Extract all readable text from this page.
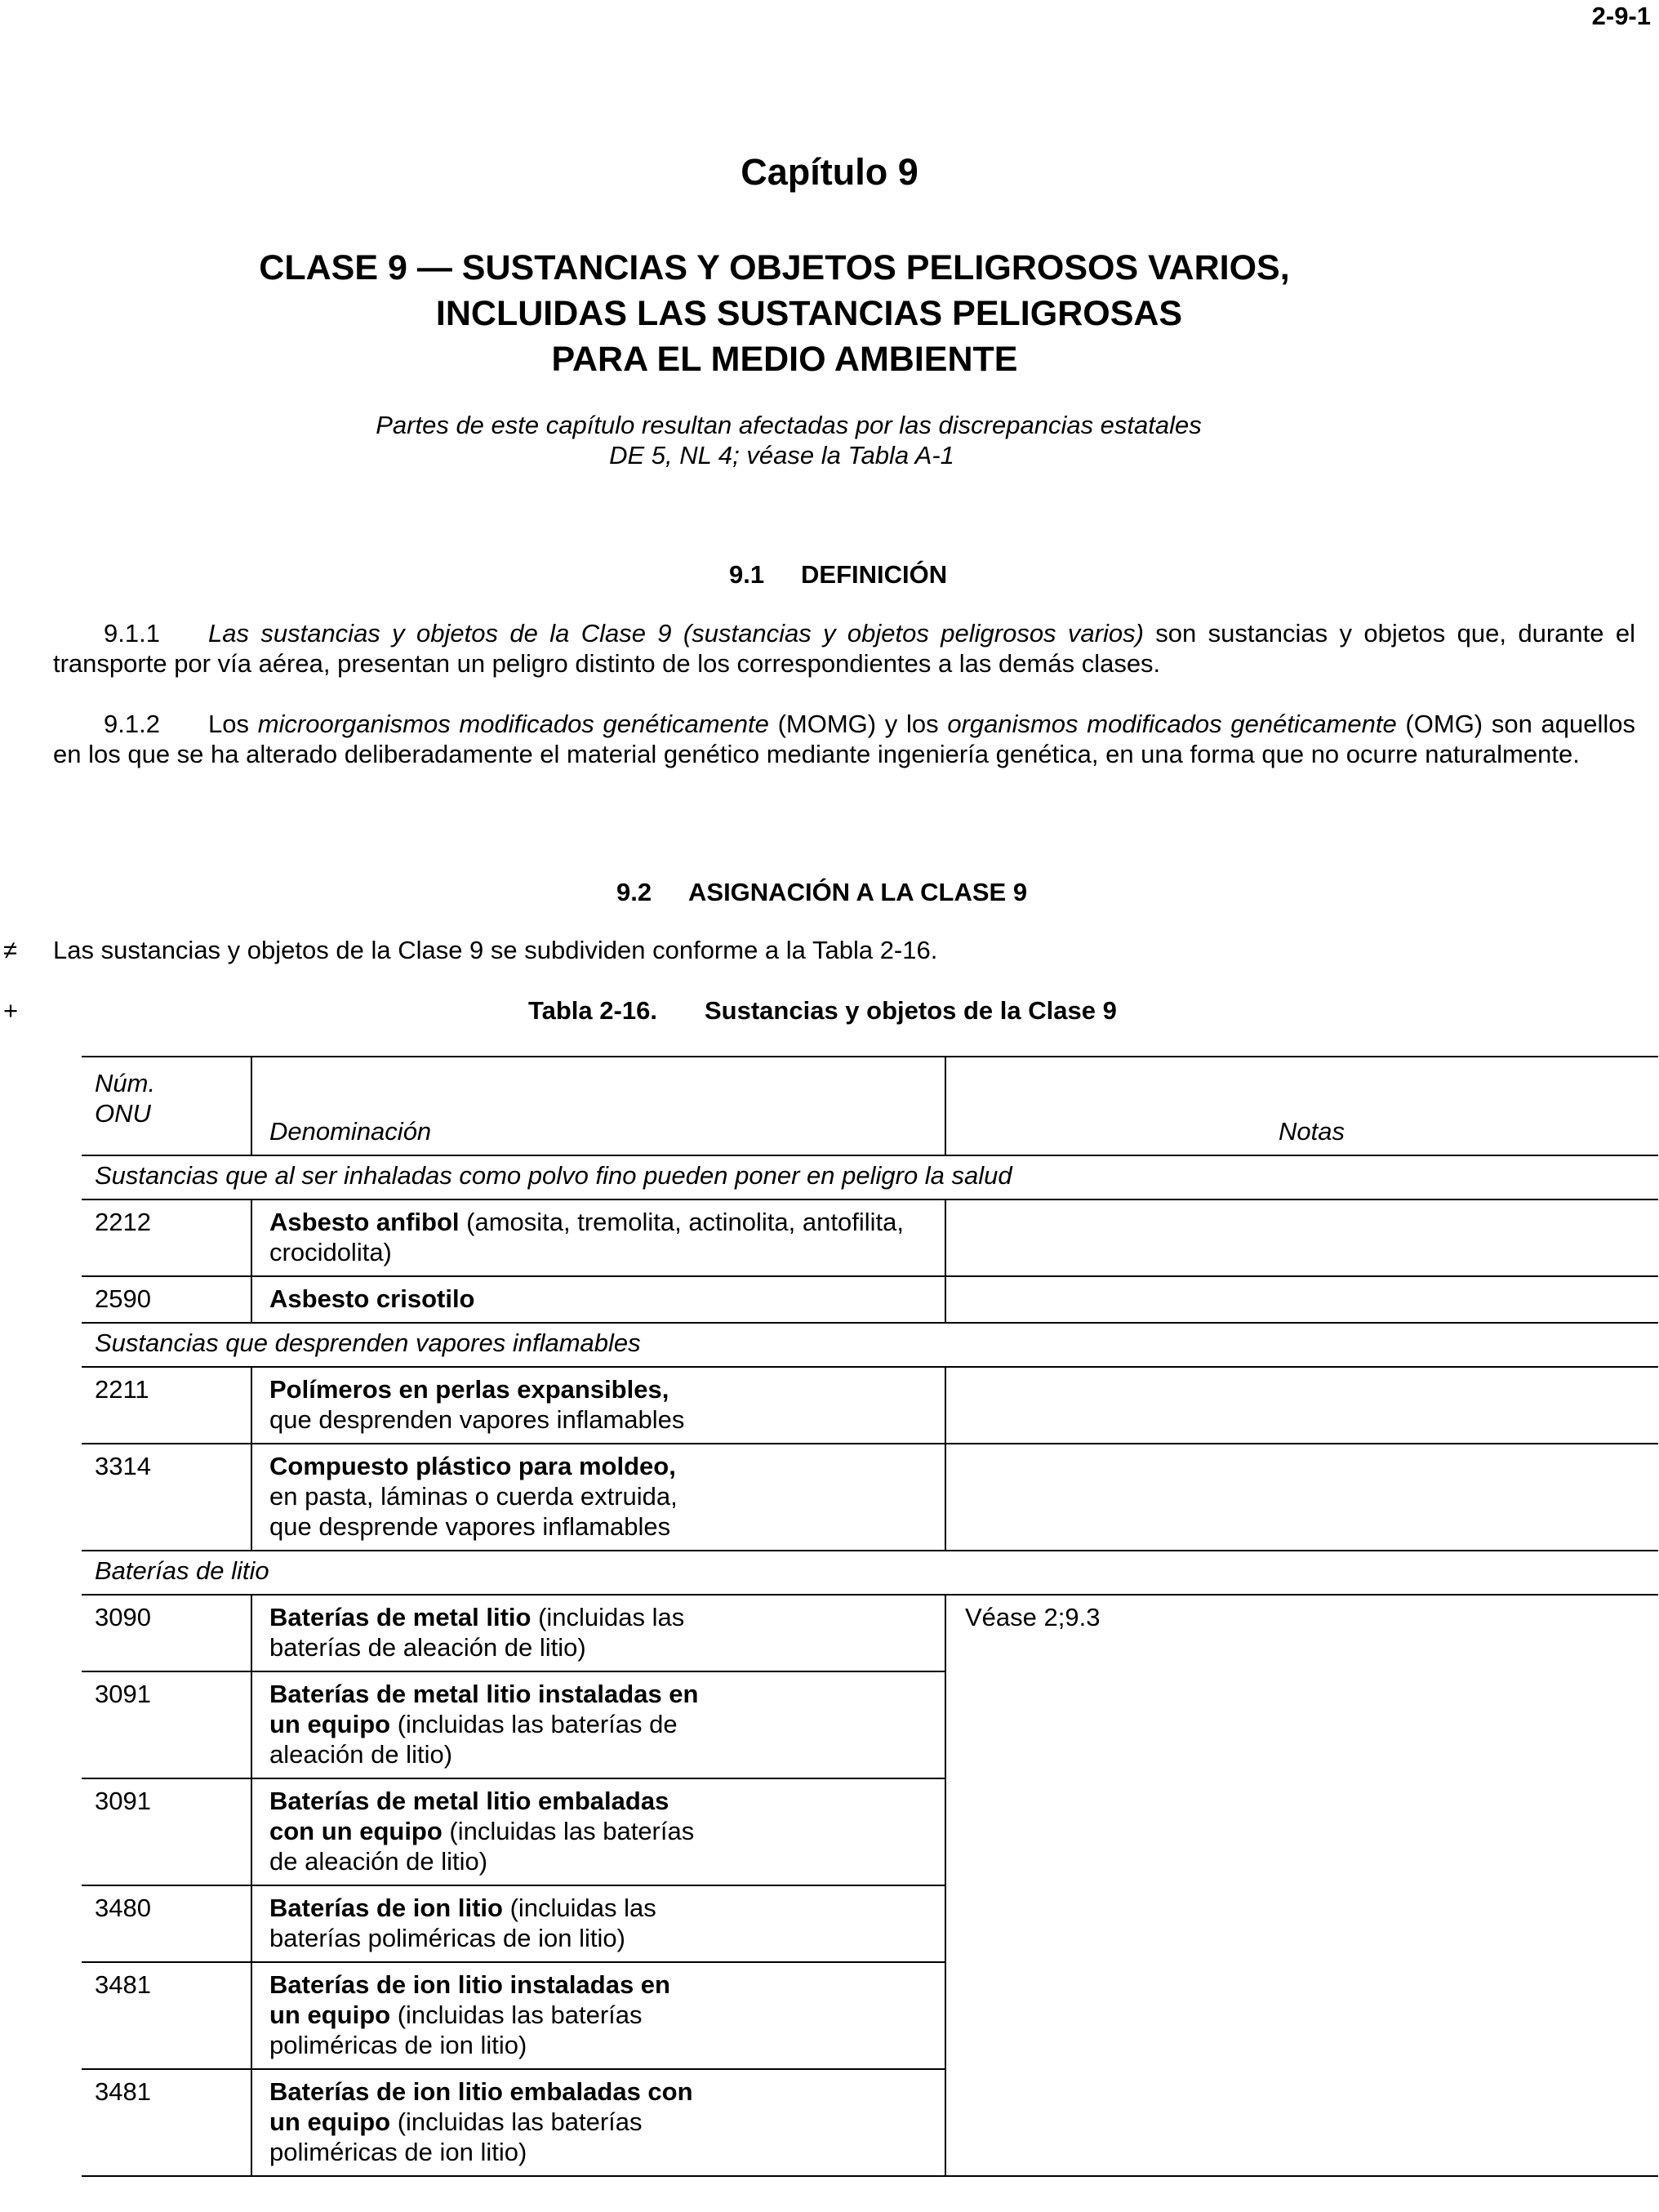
2-9-1
Capítulo 9
CLASE 9 — SUSTANCIAS Y OBJETOS PELIGROSOS VARIOS,
INCLUIDAS LAS SUSTANCIAS PELIGROSAS
PARA EL MEDIO AMBIENTE
Partes de este capítulo resultan afectadas por las discrepancias estatales
DE 5, NL 4; véase la Tabla A-1
9.1 DEFINICIÓN
9.1.1 Las sustancias y objetos de la Clase 9 (sustancias y objetos peligrosos varios) son sustancias y objetos que, durante el transporte por vía aérea, presentan un peligro distinto de los correspondientes a las demás clases.
9.1.2 Los microorganismos modificados genéticamente (MOMG) y los organismos modificados genéticamente (OMG) son aquellos en los que se ha alterado deliberadamente el material genético mediante ingeniería genética, en una forma que no ocurre naturalmente.
9.2 ASIGNACIÓN A LA CLASE 9
≠ Las sustancias y objetos de la Clase 9 se subdividen conforme a la Tabla 2-16.
+	Tabla 2-16. Sustancias y objetos de la Clase 9
Núm.
ONU	Denominación	Notas
Sustancias que al ser inhaladas como polvo fino pueden poner en peligro la salud		
2212	Asbesto anfibol (amosita, tremolita, actinolita, antofilita, crocidolita)	
2590	Asbesto crisotilo	
Sustancias que desprenden vapores inflamables		
2211	Polímeros en perlas expansibles,
que desprenden vapores inflamables	
3314	Compuesto plástico para moldeo,
en pasta, láminas o cuerda extruida, que desprende vapores inflamables	
Baterías de litio		
3090	Baterías de metal litio (incluidas las baterías de aleación de litio)	Véase 2;9.3
3091	Baterías de metal litio instaladas en un equipo (incluidas las baterías de aleación de litio)	

3091	Baterías de metal litio embaladas con un equipo (incluidas las baterías de aleación de litio)	

3480	Baterías de ion litio (incluidas las baterías poliméricas de ion litio)	

3481	Baterías de ion litio instaladas en un equipo (incluidas las baterías poliméricas de ion litio)	

3481	Baterías de ion litio embaladas con un equipo (incluidas las baterías poliméricas de ion litio)	
